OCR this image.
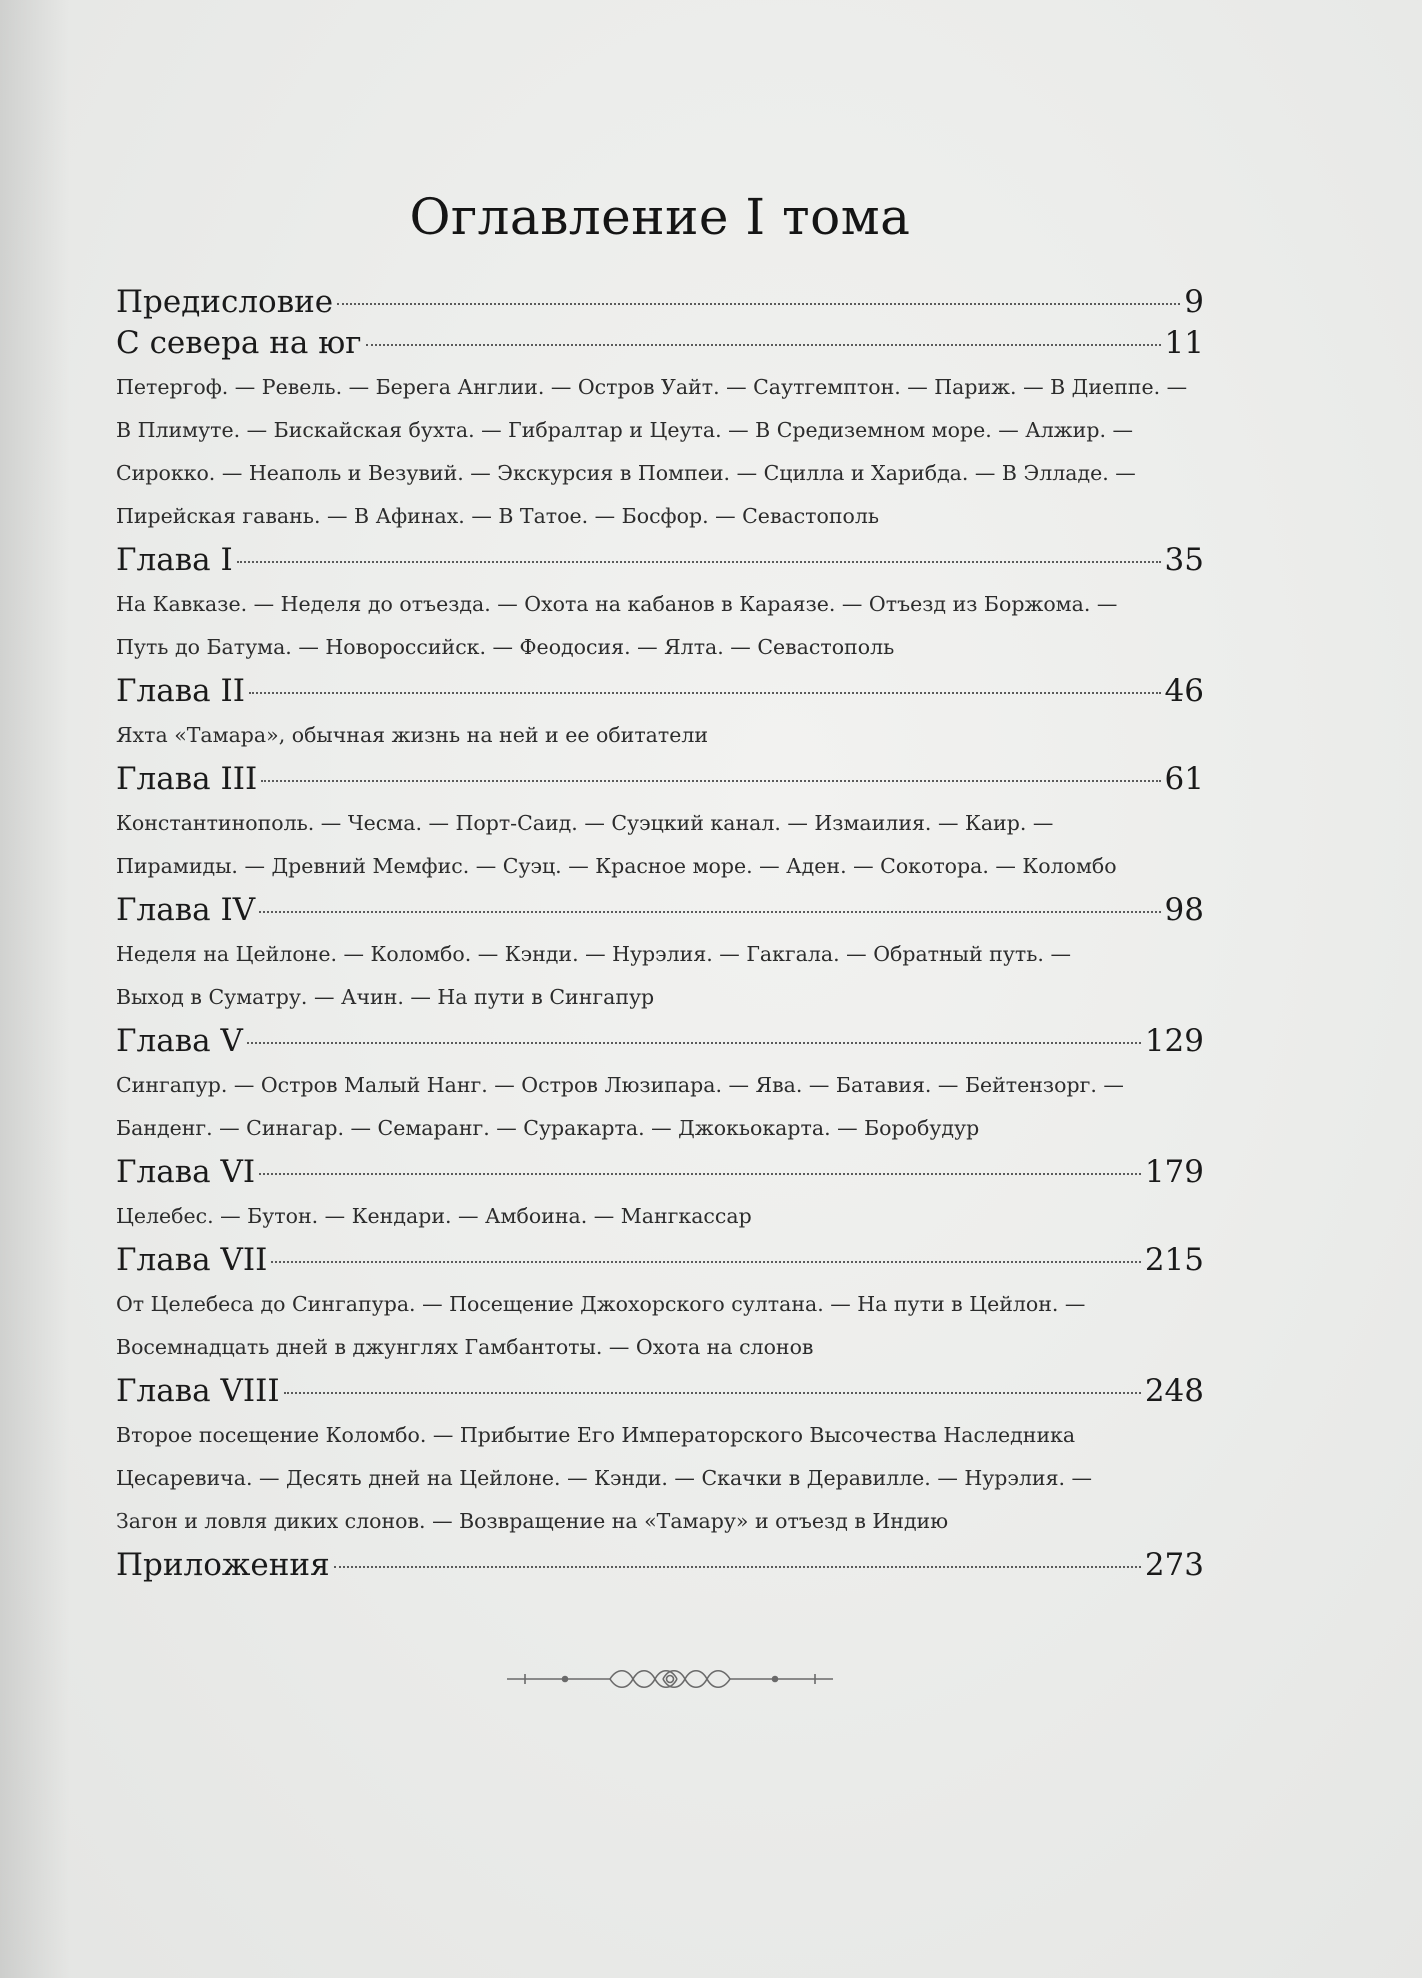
Оглавление I тома
Предисловие	9
С севера на юг	11
Петергоф. — Ревель. — Берега Англии. — Остров Уайт. — Саутгемптон. — Париж. — В Диеппе. —
В Плимуте. — Бискайская бухта. — Гибралтар и Цеута. — В Средиземном море. — Алжир. —
Сирокко. — Неаполь и Везувий. — Экскурсия в Помпеи. — Сцилла и Харибда. — В Элладе. —
Пирейская гавань. — В Афинах. — В Татое. — Босфор. — Севастополь
Глава I	35
На Кавказе. — Неделя до отъезда. — Охота на кабанов в Караязе. — Отъезд из Боржома. —
Путь до Батума. — Новороссийск. — Феодосия. — Ялта. — Севастополь
Глава II	46
Яхта «Тамара», обычная жизнь на ней и ее обитатели
Глава III	61
Константинополь. — Чесма. — Порт-Саид. — Суэцкий канал. — Измаилия. — Каир. —
Пирамиды. — Древний Мемфис. — Суэц. — Красное море. — Аден. — Сокотора. — Коломбо
Глава IV	98
Неделя на Цейлоне. — Коломбо. — Кэнди. — Нурэлия. — Гакгала. — Обратный путь. —
Выход в Суматру. — Ачин. — На пути в Сингапур
Глава V	129
Сингапур. — Остров Малый Нанг. — Остров Люзипара. — Ява. — Батавия. — Бейтензорг. —
Банденг. — Синагар. — Семаранг. — Суракарта. — Джокьокарта. — Боробудур
Глава VI	179
Целебес. — Бутон. — Кендари. — Амбоина. — Мангкассар
Глава VII	215
От Целебеса до Сингапура. — Посещение Джохорского султана. — На пути в Цейлон. —
Восемнадцать дней в джунглях Гамбантоты. — Охота на слонов
Глава VIII	248
Второе посещение Коломбо. — Прибытие Его Императорского Высочества Наследника
Цесаревича. — Десять дней на Цейлоне. — Кэнди. — Скачки в Деравилле. — Нурэлия. —
Загон и ловля диких слонов. — Возвращение на «Тамару» и отъезд в Индию
Приложения	273
